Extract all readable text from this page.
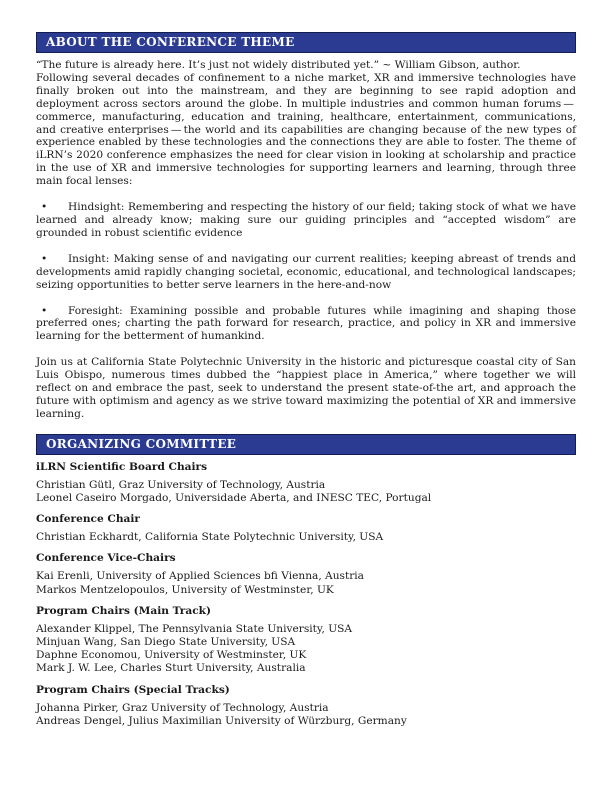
ABOUT THE CONFERENCE THEME

“The future is already here. It’s just not widely distributed yet.” ~ William Gibson, author.

Following several decades of confinement to a niche market, XR and immersive technologies have finally broken out into the mainstream, and they are beginning to see rapid adoption and deployment across sectors around the globe. In multiple industries and common human forums — commerce, manufacturing, education and training, healthcare, entertainment, communications, and creative enterprises — the world and its capabilities are changing because of the new types of experience enabled by these technologies and the connections they are able to foster. The theme of iLRN’s 2020 conference emphasizes the need for clear vision in looking at scholarship and practice in the use of XR and immersive technologies for supporting learners and learning, through three main focal lenses:

• Hindsight: Remembering and respecting the history of our field; taking stock of what we have learned and already know; making sure our guiding principles and “accepted wisdom” are grounded in robust scientific evidence

• Insight: Making sense of and navigating our current realities; keeping abreast of trends and developments amid rapidly changing societal, economic, educational, and technological landscapes; seizing opportunities to better serve learners in the here-and-now

• Foresight: Examining possible and probable futures while imagining and shaping those preferred ones; charting the path forward for research, practice, and policy in XR and immersive learning for the betterment of humankind.

Join us at California State Polytechnic University in the historic and picturesque coastal city of San Luis Obispo, numerous times dubbed the “happiest place in America,” where together we will reflect on and embrace the past, seek to understand the present state-of-the art, and approach the future with optimism and agency as we strive toward maximizing the potential of XR and immersive learning.

ORGANIZING COMMITTEE
iLRN Scientific Board Chairs

Christian Gütl, Graz University of Technology, Austria

Leonel Caseiro Morgado, Universidade Aberta, and INESC TEC, Portugal

Conference Chair

Christian Eckhardt, California State Polytechnic University, USA

Conference Vice-Chairs

Kai Erenli, University of Applied Sciences bfi Vienna, Austria

Markos Mentzelopoulos, University of Westminster, UK

Program Chairs (Main Track)

Alexander Klippel, The Pennsylvania State University, USA

Minjuan Wang, San Diego State University, USA

Daphne Economou, University of Westminster, UK

Mark J. W. Lee, Charles Sturt University, Australia

Program Chairs (Special Tracks)

Johanna Pirker, Graz University of Technology, Austria

Andreas Dengel, Julius Maximilian University of Würzburg, Germany
